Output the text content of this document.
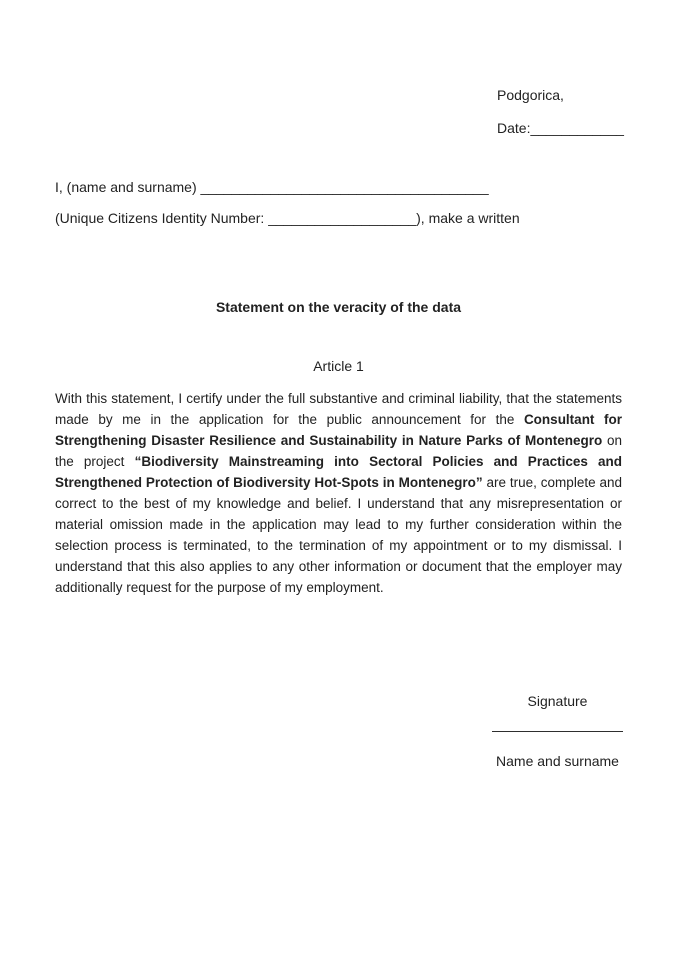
Podgorica,
Date:____________
I, (name and surname) _____________________________________
(Unique Citizens Identity Number: ___________________), make a written
Statement on the veracity of the data
Article 1
With this statement, I certify under the full substantive and criminal liability, that the statements made by me in the application for the public announcement for the Consultant for Strengthening Disaster Resilience and Sustainability in Nature Parks of Montenegro on the project “Biodiversity Mainstreaming into Sectoral Policies and Practices and Strengthened Protection of Biodiversity Hot-Spots in Montenegro” are true, complete and correct to the best of my knowledge and belief. I understand that any misrepresentation or material omission made in the application may lead to my further consideration within the selection process is terminated, to the termination of my appointment or to my dismissal. I understand that this also applies to any other information or document that the employer may additionally request for the purpose of my employment.
Signature
Name and surname
